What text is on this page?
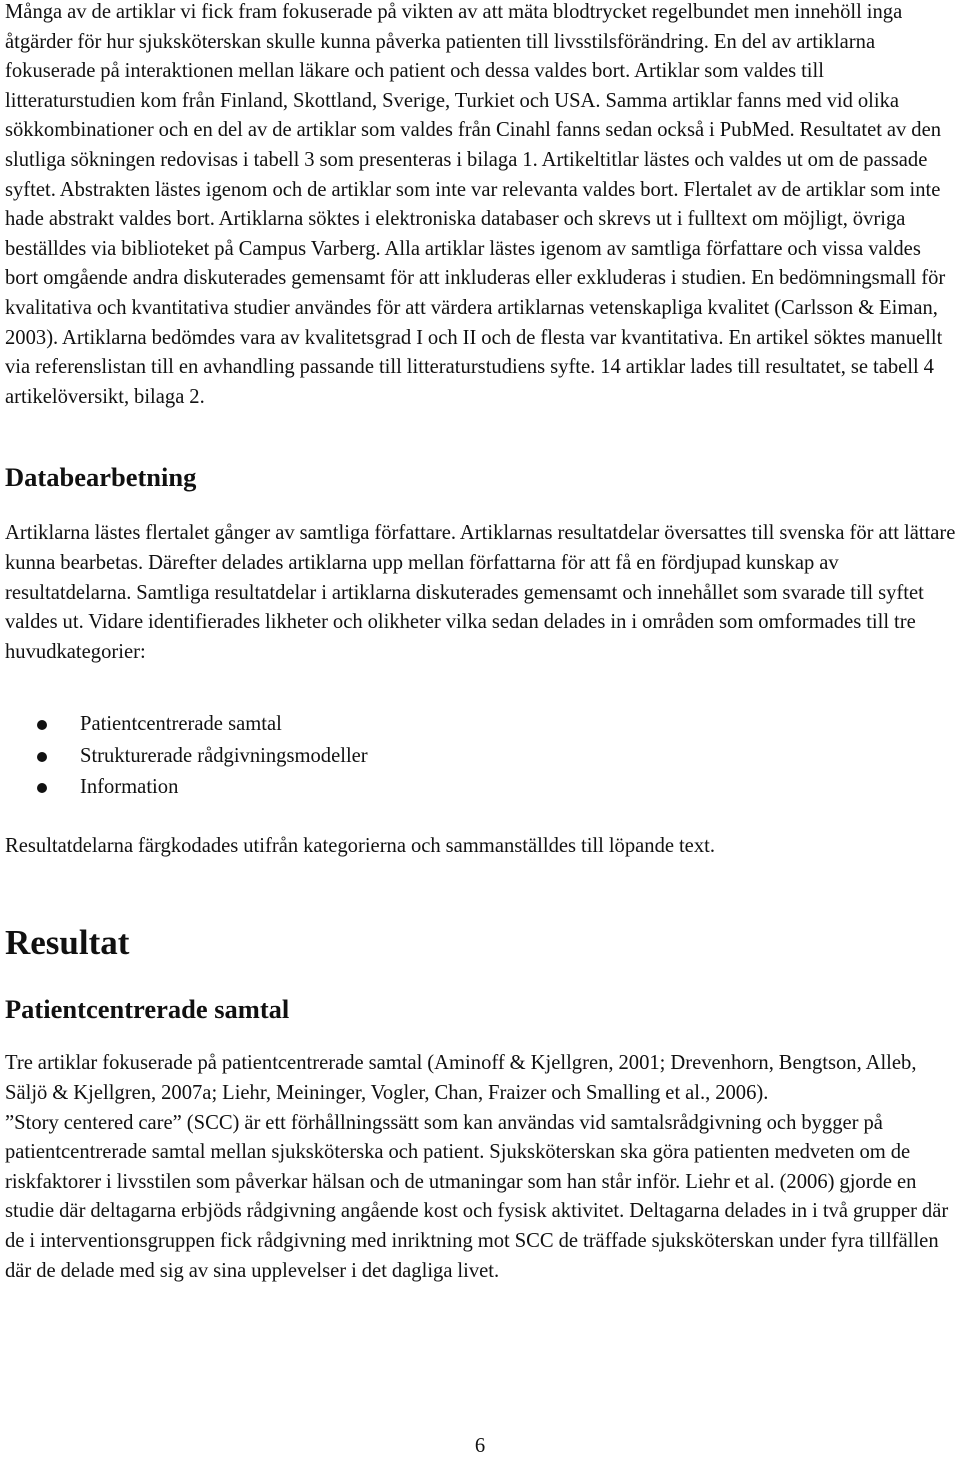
Många av de artiklar vi fick fram fokuserade på vikten av att mäta blodtrycket regelbundet men innehöll inga åtgärder för hur sjuksköterskan skulle kunna påverka patienten till livsstilsförändring. En del av artiklarna fokuserade på interaktionen mellan läkare och patient och dessa valdes bort. Artiklar som valdes till litteraturstudien kom från Finland, Skottland, Sverige, Turkiet och USA. Samma artiklar fanns med vid olika sökkombinationer och en del av de artiklar som valdes från Cinahl fanns sedan också i PubMed. Resultatet av den slutliga sökningen redovisas i tabell 3 som presenteras i bilaga 1. Artikeltitlar lästes och valdes ut om de passade syftet. Abstrakten lästes igenom och de artiklar som inte var relevanta valdes bort. Flertalet av de artiklar som inte hade abstrakt valdes bort. Artiklarna söktes i elektroniska databaser och skrevs ut i fulltext om möjligt, övriga beställdes via biblioteket på Campus Varberg. Alla artiklar lästes igenom av samtliga författare och vissa valdes bort omgående andra diskuterades gemensamt för att inkluderas eller exkluderas i studien. En bedömningsmall för kvalitativa och kvantitativa studier användes för att värdera artiklarnas vetenskapliga kvalitet (Carlsson & Eiman, 2003). Artiklarna bedömdes vara av kvalitetsgrad I och II och de flesta var kvantitativa. En artikel söktes manuellt via referenslistan till en avhandling passande till litteraturstudiens syfte. 14 artiklar lades till resultatet, se tabell 4 artikelöversikt, bilaga 2.

Databearbetning

Artiklarna lästes flertalet gånger av samtliga författare. Artiklarnas resultatdelar översattes till svenska för att lättare kunna bearbetas. Därefter delades artiklarna upp mellan författarna för att få en fördjupad kunskap av resultatdelarna. Samtliga resultatdelar i artiklarna diskuterades gemensamt och innehållet som svarade till syftet valdes ut. Vidare identifierades likheter och olikheter vilka sedan delades in i områden som omformades till tre huvudkategorier:

Patientcentrerade samtal
Strukturerade rådgivningsmodeller
Information

Resultatdelarna färgkodades utifrån kategorierna och sammanställdes till löpande text.

Resultat
Patientcentrerade samtal

Tre artiklar fokuserade på patientcentrerade samtal (Aminoff & Kjellgren, 2001; Drevenhorn, Bengtson, Alleb, Säljö & Kjellgren, 2007a; Liehr, Meininger, Vogler, Chan, Fraizer och Smalling et al., 2006).

”Story centered care” (SCC) är ett förhållningssätt som kan användas vid samtalsrådgivning och bygger på patientcentrerade samtal mellan sjuksköterska och patient. Sjuksköterskan ska göra patienten medveten om de riskfaktorer i livsstilen som påverkar hälsan och de utmaningar som han står inför. Liehr et al. (2006) gjorde en studie där deltagarna erbjöds rådgivning angående kost och fysisk aktivitet. Deltagarna delades in i två grupper där de i interventionsgruppen fick rådgivning med inriktning mot SCC de träffade sjuksköterskan under fyra tillfällen där de delade med sig av sina upplevelser i det dagliga livet.

6
